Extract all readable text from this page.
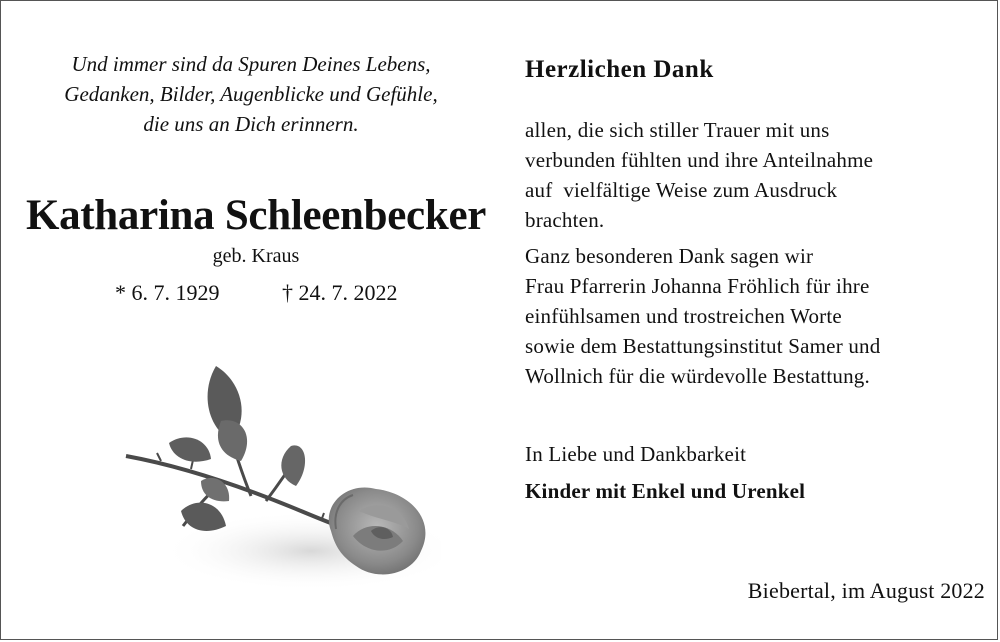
Und immer sind da Spuren Deines Lebens,
Gedanken, Bilder, Augenblicke und Gefühle,
die uns an Dich erinnern.
Katharina Schleenbecker
geb. Kraus
* 6. 7. 1929	† 24. 7. 2022
Herzlichen Dank
allen, die sich stiller Trauer mit uns
verbunden fühlten und ihre Anteilnahme
auf  vielfältige Weise zum Ausdruck
brachten.
Ganz besonderen Dank sagen wir
Frau Pfarrerin Johanna Fröhlich für ihre
einfühlsamen und trostreichen Worte
sowie dem Bestattungsinstitut Samer und
Wollnich für die würdevolle Bestattung.
In Liebe und Dankbarkeit
Kinder mit Enkel und Urenkel
Biebertal, im August 2022
